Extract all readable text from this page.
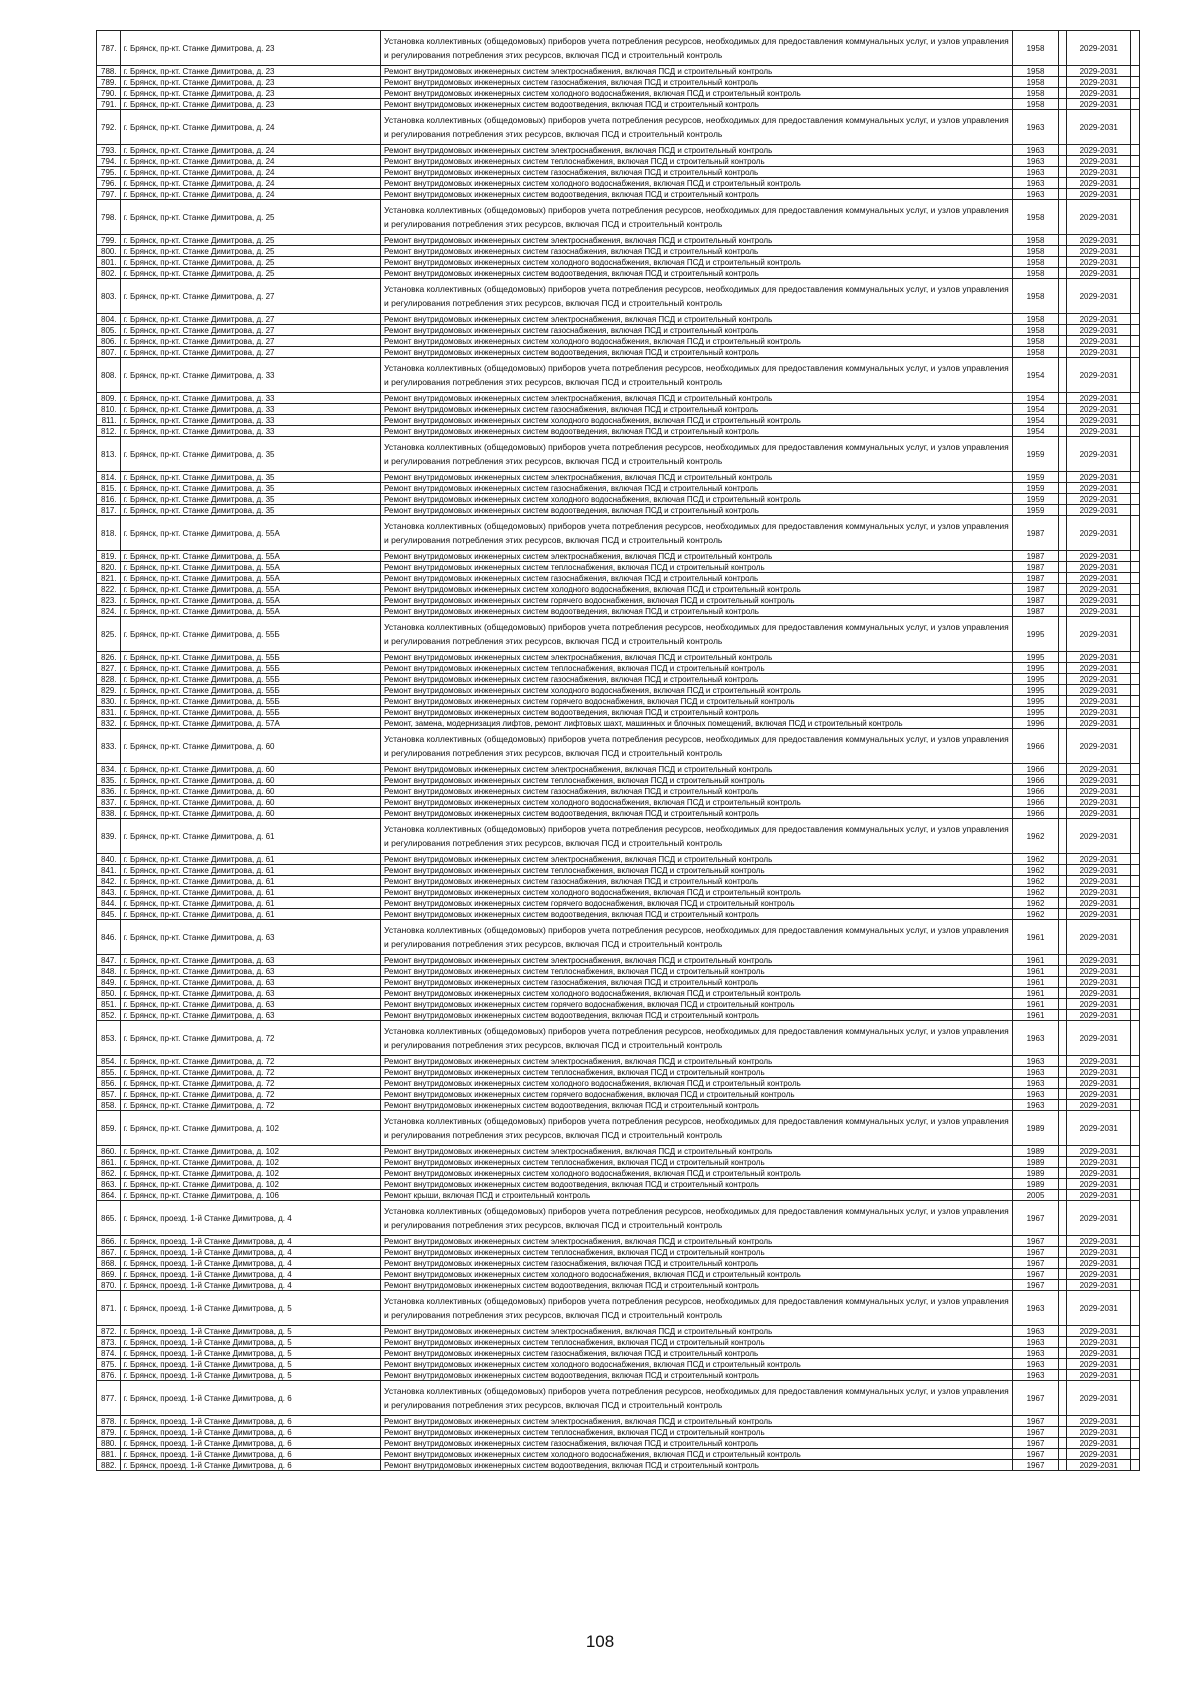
787.	г. Брянск, пр-кт. Станке Димитрова, д. 23	Установка коллективных (общедомовых) приборов учета потребления ресурсов, необходимых для предоставления коммунальных услуг, и узлов управления и регулирования потребления этих ресурсов, включая ПСД и строительный контроль	1958		2029-2031	
788.	г. Брянск, пр-кт. Станке Димитрова, д. 23	Ремонт внутридомовых инженерных систем электроснабжения, включая ПСД и строительный контроль	1958		2029-2031	
789.	г. Брянск, пр-кт. Станке Димитрова, д. 23	Ремонт внутридомовых инженерных систем газоснабжения, включая ПСД и строительный контроль	1958		2029-2031	
790.	г. Брянск, пр-кт. Станке Димитрова, д. 23	Ремонт внутридомовых инженерных систем холодного водоснабжения, включая ПСД и строительный контроль	1958		2029-2031	
791.	г. Брянск, пр-кт. Станке Димитрова, д. 23	Ремонт внутридомовых инженерных систем водоотведения, включая ПСД и строительный контроль	1958		2029-2031	
792.	г. Брянск, пр-кт. Станке Димитрова, д. 24	Установка коллективных (общедомовых) приборов учета потребления ресурсов, необходимых для предоставления коммунальных услуг, и узлов управления и регулирования потребления этих ресурсов, включая ПСД и строительный контроль	1963		2029-2031	
793.	г. Брянск, пр-кт. Станке Димитрова, д. 24	Ремонт внутридомовых инженерных систем электроснабжения, включая ПСД и строительный контроль	1963		2029-2031	
794.	г. Брянск, пр-кт. Станке Димитрова, д. 24	Ремонт внутридомовых инженерных систем теплоснабжения, включая ПСД и строительный контроль	1963		2029-2031	
795.	г. Брянск, пр-кт. Станке Димитрова, д. 24	Ремонт внутридомовых инженерных систем газоснабжения, включая ПСД и строительный контроль	1963		2029-2031	
796.	г. Брянск, пр-кт. Станке Димитрова, д. 24	Ремонт внутридомовых инженерных систем холодного водоснабжения, включая ПСД и строительный контроль	1963		2029-2031	
797.	г. Брянск, пр-кт. Станке Димитрова, д. 24	Ремонт внутридомовых инженерных систем водоотведения, включая ПСД и строительный контроль	1963		2029-2031	
798.	г. Брянск, пр-кт. Станке Димитрова, д. 25	Установка коллективных (общедомовых) приборов учета потребления ресурсов, необходимых для предоставления коммунальных услуг, и узлов управления и регулирования потребления этих ресурсов, включая ПСД и строительный контроль	1958		2029-2031	
799.	г. Брянск, пр-кт. Станке Димитрова, д. 25	Ремонт внутридомовых инженерных систем электроснабжения, включая ПСД и строительный контроль	1958		2029-2031	
800.	г. Брянск, пр-кт. Станке Димитрова, д. 25	Ремонт внутридомовых инженерных систем газоснабжения, включая ПСД и строительный контроль	1958		2029-2031	
801.	г. Брянск, пр-кт. Станке Димитрова, д. 25	Ремонт внутридомовых инженерных систем холодного водоснабжения, включая ПСД и строительный контроль	1958		2029-2031	
802.	г. Брянск, пр-кт. Станке Димитрова, д. 25	Ремонт внутридомовых инженерных систем водоотведения, включая ПСД и строительный контроль	1958		2029-2031	
803.	г. Брянск, пр-кт. Станке Димитрова, д. 27	Установка коллективных (общедомовых) приборов учета потребления ресурсов, необходимых для предоставления коммунальных услуг, и узлов управления и регулирования потребления этих ресурсов, включая ПСД и строительный контроль	1958		2029-2031	
804.	г. Брянск, пр-кт. Станке Димитрова, д. 27	Ремонт внутридомовых инженерных систем электроснабжения, включая ПСД и строительный контроль	1958		2029-2031	
805.	г. Брянск, пр-кт. Станке Димитрова, д. 27	Ремонт внутридомовых инженерных систем газоснабжения, включая ПСД и строительный контроль	1958		2029-2031	
806.	г. Брянск, пр-кт. Станке Димитрова, д. 27	Ремонт внутридомовых инженерных систем холодного водоснабжения, включая ПСД и строительный контроль	1958		2029-2031	
807.	г. Брянск, пр-кт. Станке Димитрова, д. 27	Ремонт внутридомовых инженерных систем водоотведения, включая ПСД и строительный контроль	1958		2029-2031	
808.	г. Брянск, пр-кт. Станке Димитрова, д. 33	Установка коллективных (общедомовых) приборов учета потребления ресурсов, необходимых для предоставления коммунальных услуг, и узлов управления и регулирования потребления этих ресурсов, включая ПСД и строительный контроль	1954		2029-2031	
809.	г. Брянск, пр-кт. Станке Димитрова, д. 33	Ремонт внутридомовых инженерных систем электроснабжения, включая ПСД и строительный контроль	1954		2029-2031	
810.	г. Брянск, пр-кт. Станке Димитрова, д. 33	Ремонт внутридомовых инженерных систем газоснабжения, включая ПСД и строительный контроль	1954		2029-2031	
811.	г. Брянск, пр-кт. Станке Димитрова, д. 33	Ремонт внутридомовых инженерных систем холодного водоснабжения, включая ПСД и строительный контроль	1954		2029-2031	
812.	г. Брянск, пр-кт. Станке Димитрова, д. 33	Ремонт внутридомовых инженерных систем водоотведения, включая ПСД и строительный контроль	1954		2029-2031	
813.	г. Брянск, пр-кт. Станке Димитрова, д. 35	Установка коллективных (общедомовых) приборов учета потребления ресурсов, необходимых для предоставления коммунальных услуг, и узлов управления и регулирования потребления этих ресурсов, включая ПСД и строительный контроль	1959		2029-2031	
814.	г. Брянск, пр-кт. Станке Димитрова, д. 35	Ремонт внутридомовых инженерных систем электроснабжения, включая ПСД и строительный контроль	1959		2029-2031	
815.	г. Брянск, пр-кт. Станке Димитрова, д. 35	Ремонт внутридомовых инженерных систем газоснабжения, включая ПСД и строительный контроль	1959		2029-2031	
816.	г. Брянск, пр-кт. Станке Димитрова, д. 35	Ремонт внутридомовых инженерных систем холодного водоснабжения, включая ПСД и строительный контроль	1959		2029-2031	
817.	г. Брянск, пр-кт. Станке Димитрова, д. 35	Ремонт внутридомовых инженерных систем водоотведения, включая ПСД и строительный контроль	1959		2029-2031	
818.	г. Брянск, пр-кт. Станке Димитрова, д. 55А	Установка коллективных (общедомовых) приборов учета потребления ресурсов, необходимых для предоставления коммунальных услуг, и узлов управления и регулирования потребления этих ресурсов, включая ПСД и строительный контроль	1987		2029-2031	
819.	г. Брянск, пр-кт. Станке Димитрова, д. 55А	Ремонт внутридомовых инженерных систем электроснабжения, включая ПСД и строительный контроль	1987		2029-2031	
820.	г. Брянск, пр-кт. Станке Димитрова, д. 55А	Ремонт внутридомовых инженерных систем теплоснабжения, включая ПСД и строительный контроль	1987		2029-2031	
821.	г. Брянск, пр-кт. Станке Димитрова, д. 55А	Ремонт внутридомовых инженерных систем газоснабжения, включая ПСД и строительный контроль	1987		2029-2031	
822.	г. Брянск, пр-кт. Станке Димитрова, д. 55А	Ремонт внутридомовых инженерных систем холодного водоснабжения, включая ПСД и строительный контроль	1987		2029-2031	
823.	г. Брянск, пр-кт. Станке Димитрова, д. 55А	Ремонт внутридомовых инженерных систем горячего водоснабжения, включая ПСД и строительный контроль	1987		2029-2031	
824.	г. Брянск, пр-кт. Станке Димитрова, д. 55А	Ремонт внутридомовых инженерных систем водоотведения, включая ПСД и строительный контроль	1987		2029-2031	
825.	г. Брянск, пр-кт. Станке Димитрова, д. 55Б	Установка коллективных (общедомовых) приборов учета потребления ресурсов, необходимых для предоставления коммунальных услуг, и узлов управления и регулирования потребления этих ресурсов, включая ПСД и строительный контроль	1995		2029-2031	
826.	г. Брянск, пр-кт. Станке Димитрова, д. 55Б	Ремонт внутридомовых инженерных систем электроснабжения, включая ПСД и строительный контроль	1995		2029-2031	
827.	г. Брянск, пр-кт. Станке Димитрова, д. 55Б	Ремонт внутридомовых инженерных систем теплоснабжения, включая ПСД и строительный контроль	1995		2029-2031	
828.	г. Брянск, пр-кт. Станке Димитрова, д. 55Б	Ремонт внутридомовых инженерных систем газоснабжения, включая ПСД и строительный контроль	1995		2029-2031	
829.	г. Брянск, пр-кт. Станке Димитрова, д. 55Б	Ремонт внутридомовых инженерных систем холодного водоснабжения, включая ПСД и строительный контроль	1995		2029-2031	
830.	г. Брянск, пр-кт. Станке Димитрова, д. 55Б	Ремонт внутридомовых инженерных систем горячего водоснабжения, включая ПСД и строительный контроль	1995		2029-2031	
831.	г. Брянск, пр-кт. Станке Димитрова, д. 55Б	Ремонт внутридомовых инженерных систем водоотведения, включая ПСД и строительный контроль	1995		2029-2031	
832.	г. Брянск, пр-кт. Станке Димитрова, д. 57А	Ремонт, замена, модернизация лифтов, ремонт лифтовых шахт, машинных и блочных помещений, включая ПСД и строительный контроль	1996		2029-2031	
833.	г. Брянск, пр-кт. Станке Димитрова, д. 60	Установка коллективных (общедомовых) приборов учета потребления ресурсов, необходимых для предоставления коммунальных услуг, и узлов управления и регулирования потребления этих ресурсов, включая ПСД и строительный контроль	1966		2029-2031	
834.	г. Брянск, пр-кт. Станке Димитрова, д. 60	Ремонт внутридомовых инженерных систем электроснабжения, включая ПСД и строительный контроль	1966		2029-2031	
835.	г. Брянск, пр-кт. Станке Димитрова, д. 60	Ремонт внутридомовых инженерных систем теплоснабжения, включая ПСД и строительный контроль	1966		2029-2031	
836.	г. Брянск, пр-кт. Станке Димитрова, д. 60	Ремонт внутридомовых инженерных систем газоснабжения, включая ПСД и строительный контроль	1966		2029-2031	
837.	г. Брянск, пр-кт. Станке Димитрова, д. 60	Ремонт внутридомовых инженерных систем холодного водоснабжения, включая ПСД и строительный контроль	1966		2029-2031	
838.	г. Брянск, пр-кт. Станке Димитрова, д. 60	Ремонт внутридомовых инженерных систем водоотведения, включая ПСД и строительный контроль	1966		2029-2031	
839.	г. Брянск, пр-кт. Станке Димитрова, д. 61	Установка коллективных (общедомовых) приборов учета потребления ресурсов, необходимых для предоставления коммунальных услуг, и узлов управления и регулирования потребления этих ресурсов, включая ПСД и строительный контроль	1962		2029-2031	
840.	г. Брянск, пр-кт. Станке Димитрова, д. 61	Ремонт внутридомовых инженерных систем электроснабжения, включая ПСД и строительный контроль	1962		2029-2031	
841.	г. Брянск, пр-кт. Станке Димитрова, д. 61	Ремонт внутридомовых инженерных систем теплоснабжения, включая ПСД и строительный контроль	1962		2029-2031	
842.	г. Брянск, пр-кт. Станке Димитрова, д. 61	Ремонт внутридомовых инженерных систем газоснабжения, включая ПСД и строительный контроль	1962		2029-2031	
843.	г. Брянск, пр-кт. Станке Димитрова, д. 61	Ремонт внутридомовых инженерных систем холодного водоснабжения, включая ПСД и строительный контроль	1962		2029-2031	
844.	г. Брянск, пр-кт. Станке Димитрова, д. 61	Ремонт внутридомовых инженерных систем горячего водоснабжения, включая ПСД и строительный контроль	1962		2029-2031	
845.	г. Брянск, пр-кт. Станке Димитрова, д. 61	Ремонт внутридомовых инженерных систем водоотведения, включая ПСД и строительный контроль	1962		2029-2031	
846.	г. Брянск, пр-кт. Станке Димитрова, д. 63	Установка коллективных (общедомовых) приборов учета потребления ресурсов, необходимых для предоставления коммунальных услуг, и узлов управления и регулирования потребления этих ресурсов, включая ПСД и строительный контроль	1961		2029-2031	
847.	г. Брянск, пр-кт. Станке Димитрова, д. 63	Ремонт внутридомовых инженерных систем электроснабжения, включая ПСД и строительный контроль	1961		2029-2031	
848.	г. Брянск, пр-кт. Станке Димитрова, д. 63	Ремонт внутридомовых инженерных систем теплоснабжения, включая ПСД и строительный контроль	1961		2029-2031	
849.	г. Брянск, пр-кт. Станке Димитрова, д. 63	Ремонт внутридомовых инженерных систем газоснабжения, включая ПСД и строительный контроль	1961		2029-2031	
850.	г. Брянск, пр-кт. Станке Димитрова, д. 63	Ремонт внутридомовых инженерных систем холодного водоснабжения, включая ПСД и строительный контроль	1961		2029-2031	
851.	г. Брянск, пр-кт. Станке Димитрова, д. 63	Ремонт внутридомовых инженерных систем горячего водоснабжения, включая ПСД и строительный контроль	1961		2029-2031	
852.	г. Брянск, пр-кт. Станке Димитрова, д. 63	Ремонт внутридомовых инженерных систем водоотведения, включая ПСД и строительный контроль	1961		2029-2031	
853.	г. Брянск, пр-кт. Станке Димитрова, д. 72	Установка коллективных (общедомовых) приборов учета потребления ресурсов, необходимых для предоставления коммунальных услуг, и узлов управления и регулирования потребления этих ресурсов, включая ПСД и строительный контроль	1963		2029-2031	
854.	г. Брянск, пр-кт. Станке Димитрова, д. 72	Ремонт внутридомовых инженерных систем электроснабжения, включая ПСД и строительный контроль	1963		2029-2031	
855.	г. Брянск, пр-кт. Станке Димитрова, д. 72	Ремонт внутридомовых инженерных систем теплоснабжения, включая ПСД и строительный контроль	1963		2029-2031	
856.	г. Брянск, пр-кт. Станке Димитрова, д. 72	Ремонт внутридомовых инженерных систем холодного водоснабжения, включая ПСД и строительный контроль	1963		2029-2031	
857.	г. Брянск, пр-кт. Станке Димитрова, д. 72	Ремонт внутридомовых инженерных систем горячего водоснабжения, включая ПСД и строительный контроль	1963		2029-2031	
858.	г. Брянск, пр-кт. Станке Димитрова, д. 72	Ремонт внутридомовых инженерных систем водоотведения, включая ПСД и строительный контроль	1963		2029-2031	
859.	г. Брянск, пр-кт. Станке Димитрова, д. 102	Установка коллективных (общедомовых) приборов учета потребления ресурсов, необходимых для предоставления коммунальных услуг, и узлов управления и регулирования потребления этих ресурсов, включая ПСД и строительный контроль	1989		2029-2031	
860.	г. Брянск, пр-кт. Станке Димитрова, д. 102	Ремонт внутридомовых инженерных систем электроснабжения, включая ПСД и строительный контроль	1989		2029-2031	
861.	г. Брянск, пр-кт. Станке Димитрова, д. 102	Ремонт внутридомовых инженерных систем теплоснабжения, включая ПСД и строительный контроль	1989		2029-2031	
862.	г. Брянск, пр-кт. Станке Димитрова, д. 102	Ремонт внутридомовых инженерных систем холодного водоснабжения, включая ПСД и строительный контроль	1989		2029-2031	
863.	г. Брянск, пр-кт. Станке Димитрова, д. 102	Ремонт внутридомовых инженерных систем водоотведения, включая ПСД и строительный контроль	1989		2029-2031	
864.	г. Брянск, пр-кт. Станке Димитрова, д. 106	Ремонт крыши, включая ПСД и строительный контроль	2005		2029-2031	
865.	г. Брянск, проезд. 1-й Станке Димитрова, д. 4	Установка коллективных (общедомовых) приборов учета потребления ресурсов, необходимых для предоставления коммунальных услуг, и узлов управления и регулирования потребления этих ресурсов, включая ПСД и строительный контроль	1967		2029-2031	
866.	г. Брянск, проезд. 1-й Станке Димитрова, д. 4	Ремонт внутридомовых инженерных систем электроснабжения, включая ПСД и строительный контроль	1967		2029-2031	
867.	г. Брянск, проезд. 1-й Станке Димитрова, д. 4	Ремонт внутридомовых инженерных систем теплоснабжения, включая ПСД и строительный контроль	1967		2029-2031	
868.	г. Брянск, проезд. 1-й Станке Димитрова, д. 4	Ремонт внутридомовых инженерных систем газоснабжения, включая ПСД и строительный контроль	1967		2029-2031	
869.	г. Брянск, проезд. 1-й Станке Димитрова, д. 4	Ремонт внутридомовых инженерных систем холодного водоснабжения, включая ПСД и строительный контроль	1967		2029-2031	
870.	г. Брянск, проезд. 1-й Станке Димитрова, д. 4	Ремонт внутридомовых инженерных систем водоотведения, включая ПСД и строительный контроль	1967		2029-2031	
871.	г. Брянск, проезд. 1-й Станке Димитрова, д. 5	Установка коллективных (общедомовых) приборов учета потребления ресурсов, необходимых для предоставления коммунальных услуг, и узлов управления и регулирования потребления этих ресурсов, включая ПСД и строительный контроль	1963		2029-2031	
872.	г. Брянск, проезд. 1-й Станке Димитрова, д. 5	Ремонт внутридомовых инженерных систем электроснабжения, включая ПСД и строительный контроль	1963		2029-2031	
873.	г. Брянск, проезд. 1-й Станке Димитрова, д. 5	Ремонт внутридомовых инженерных систем теплоснабжения, включая ПСД и строительный контроль	1963		2029-2031	
874.	г. Брянск, проезд. 1-й Станке Димитрова, д. 5	Ремонт внутридомовых инженерных систем газоснабжения, включая ПСД и строительный контроль	1963		2029-2031	
875.	г. Брянск, проезд. 1-й Станке Димитрова, д. 5	Ремонт внутридомовых инженерных систем холодного водоснабжения, включая ПСД и строительный контроль	1963		2029-2031	
876.	г. Брянск, проезд. 1-й Станке Димитрова, д. 5	Ремонт внутридомовых инженерных систем водоотведения, включая ПСД и строительный контроль	1963		2029-2031	
877.	г. Брянск, проезд. 1-й Станке Димитрова, д. 6	Установка коллективных (общедомовых) приборов учета потребления ресурсов, необходимых для предоставления коммунальных услуг, и узлов управления и регулирования потребления этих ресурсов, включая ПСД и строительный контроль	1967		2029-2031	
878.	г. Брянск, проезд. 1-й Станке Димитрова, д. 6	Ремонт внутридомовых инженерных систем электроснабжения, включая ПСД и строительный контроль	1967		2029-2031	
879.	г. Брянск, проезд. 1-й Станке Димитрова, д. 6	Ремонт внутридомовых инженерных систем теплоснабжения, включая ПСД и строительный контроль	1967		2029-2031	
880.	г. Брянск, проезд. 1-й Станке Димитрова, д. 6	Ремонт внутридомовых инженерных систем газоснабжения, включая ПСД и строительный контроль	1967		2029-2031	
881.	г. Брянск, проезд. 1-й Станке Димитрова, д. 6	Ремонт внутридомовых инженерных систем холодного водоснабжения, включая ПСД и строительный контроль	1967		2029-2031	
882.	г. Брянск, проезд. 1-й Станке Димитрова, д. 6	Ремонт внутридомовых инженерных систем водоотведения, включая ПСД и строительный контроль	1967		2029-2031	
108
